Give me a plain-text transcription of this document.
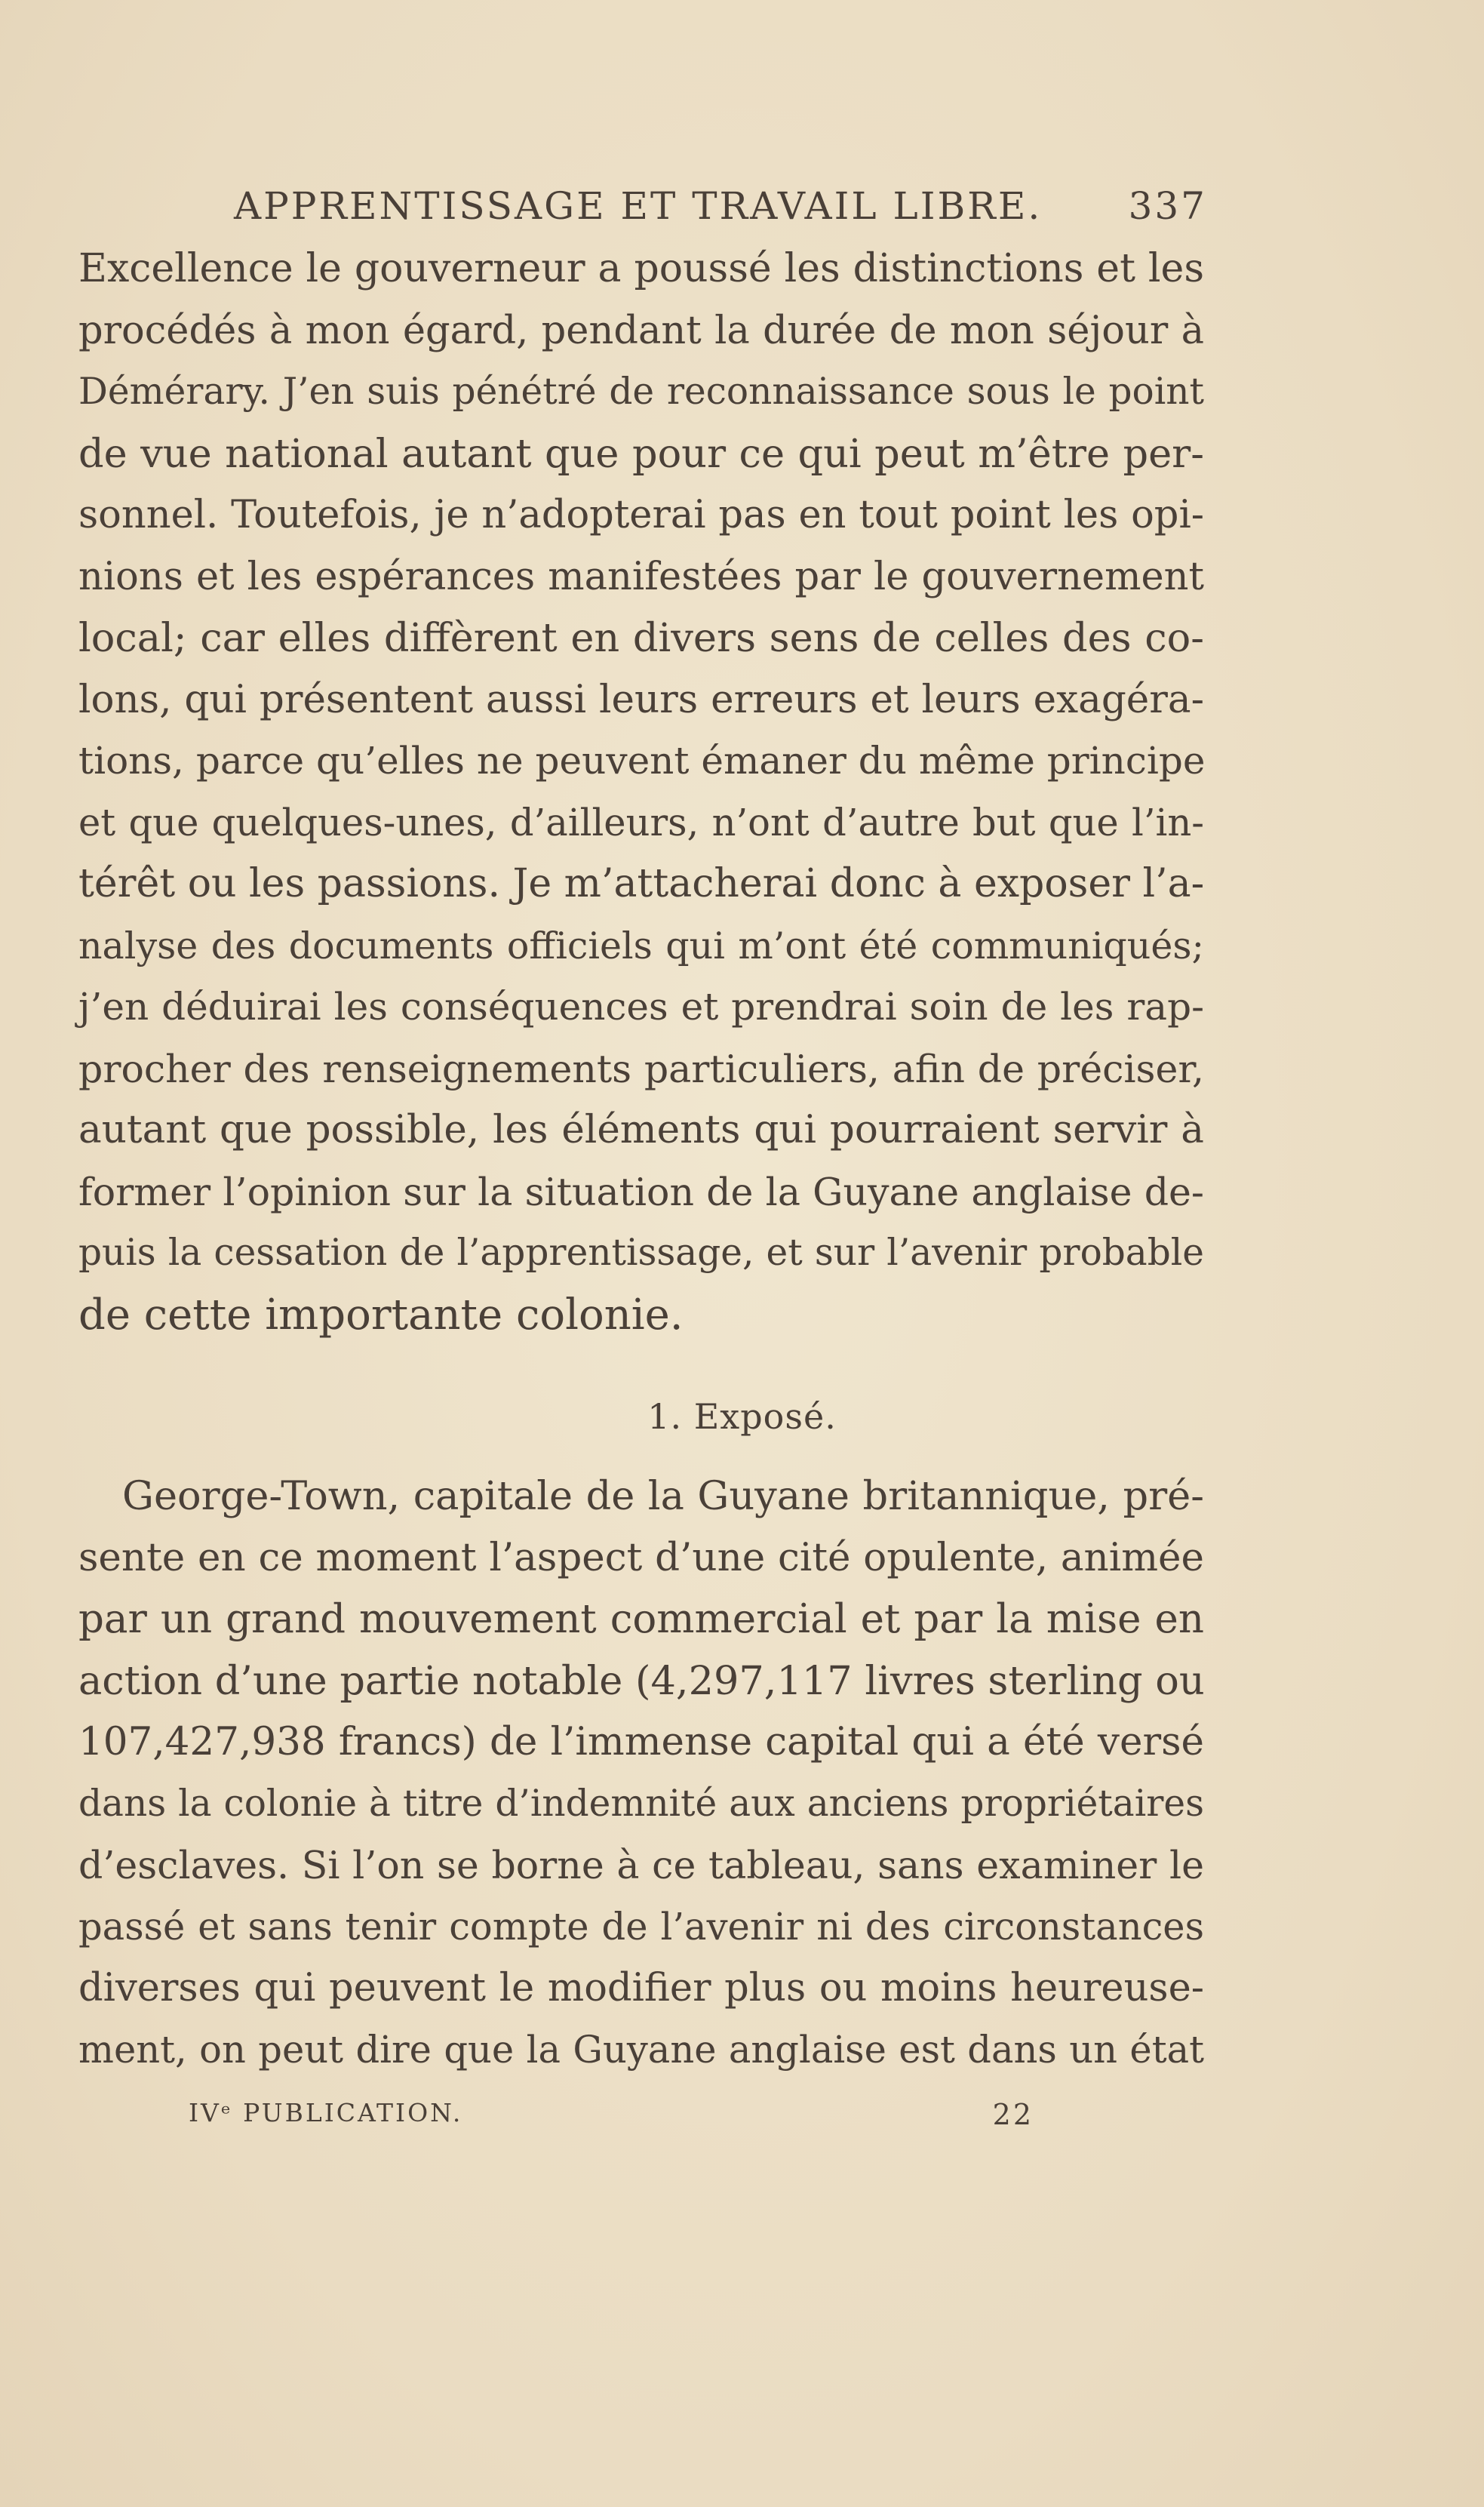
APPRENTISSAGE ET TRAVAIL LIBRE. 337
Excellence le gouverneur a poussé les distinctions et les
procédés à mon égard, pendant la durée de mon séjour à
Démérary. J’en suis pénétré de reconnaissance sous le point
de vue national autant que pour ce qui peut m’être per-
sonnel. Toutefois, je n’adopterai pas en tout point les opi-
nions et les espérances manifestées par le gouvernement
local; car elles diffèrent en divers sens de celles des co-
lons, qui présentent aussi leurs erreurs et leurs exagéra-
tions, parce qu’elles ne peuvent émaner du même principe
et que quelques-unes, d’ailleurs, n’ont d’autre but que l’in-
térêt ou les passions. Je m’attacherai donc à exposer l’a-
nalyse des documents officiels qui m’ont été communiqués;
j’en déduirai les conséquences et prendrai soin de les rap-
procher des renseignements particuliers, afin de préciser,
autant que possible, les éléments qui pourraient servir à
former l’opinion sur la situation de la Guyane anglaise de-
puis la cessation de l’apprentissage, et sur l’avenir probable
de cette importante colonie.
1. Exposé.
George-Town, capitale de la Guyane britannique, pré-
sente en ce moment l’aspect d’une cité opulente, animée
par un grand mouvement commercial et par la mise en
action d’une partie notable (4,297,117 livres sterling ou
107,427,938 francs) de l’immense capital qui a été versé
dans la colonie à titre d’indemnité aux anciens propriétaires
d’esclaves. Si l’on se borne à ce tableau, sans examiner le
passé et sans tenir compte de l’avenir ni des circonstances
diverses qui peuvent le modifier plus ou moins heureuse-
ment, on peut dire que la Guyane anglaise est dans un état
IVᵉ PUBLICATION.	22
